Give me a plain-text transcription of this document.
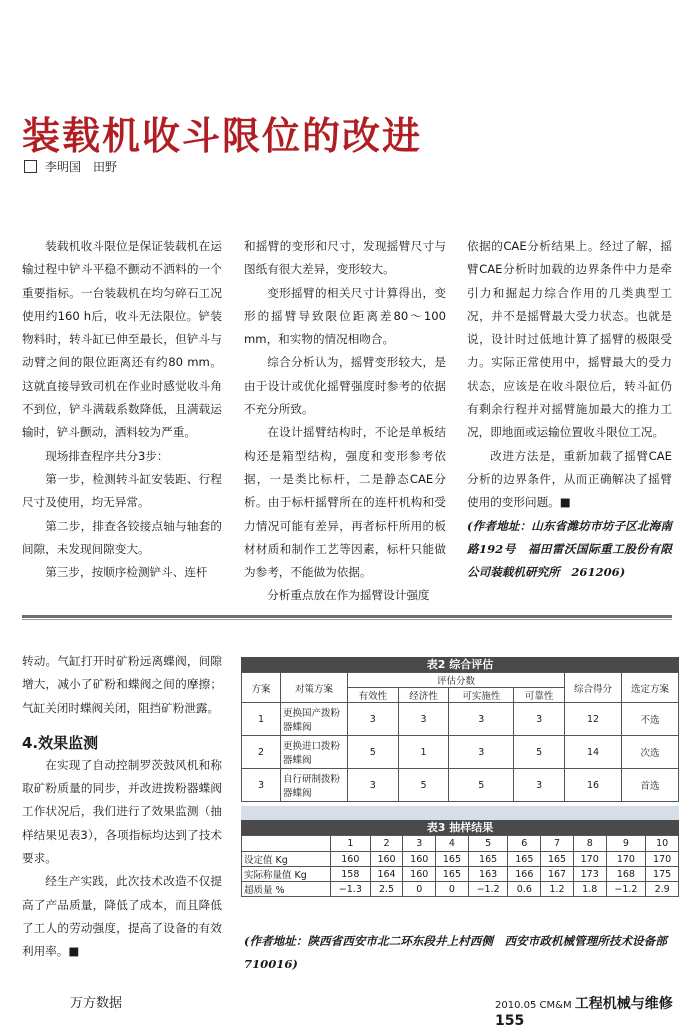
装载机收斗限位的改进
李明国　田野

装载机收斗限位是保证装载机在运输过程中铲斗平稳不颤动不洒料的一个重要指标。一台装载机在均匀碎石工况使用约160 h后，收斗无法限位。铲装物料时，转斗缸已伸至最长，但铲斗与动臂之间的限位距离还有约80 mm。这就直接导致司机在作业时感觉收斗角不到位，铲斗满载系数降低，且满载运输时，铲斗颤动，洒料较为严重。

现场排查程序共分3步：

第一步，检测转斗缸安装距、行程尺寸及使用，均无异常。

第二步，排查各铰接点轴与轴套的间隙，未发现间隙变大。

第三步，按顺序检测铲斗、连杆

和摇臂的变形和尺寸，发现摇臂尺寸与图纸有很大差异，变形较大。

变形摇臂的相关尺寸计算得出，变形的摇臂导致限位距离差80～100 mm，和实物的情况相吻合。

综合分析认为，摇臂变形较大，是由于设计或优化摇臂强度时参考的依据不充分所致。

在设计摇臂结构时，不论是单板结构还是箱型结构，强度和变形参考依据，一是类比标杆，二是静态CAE分析。由于标杆摇臂所在的连杆机构和受力情况可能有差异，再者标杆所用的板材材质和制作工艺等因素，标杆只能做为参考，不能做为依据。

分析重点放在作为摇臂设计强度

依据的CAE分析结果上。经过了解，摇臂CAE分析时加载的边界条件中力是牵引力和掘起力综合作用的几类典型工况，并不是摇臂最大受力状态。也就是说，设计时过低地计算了摇臂的极限受力。实际正常使用中，摇臂最大的受力状态，应该是在收斗限位后，转斗缸仍有剩余行程并对摇臂施加最大的推力工况，即地面或运输位置收斗限位工况。

改进方法是，重新加载了摇臂CAE分析的边界条件，从而正确解决了摇臂使用的变形问题。■

(作者地址：山东省潍坊市坊子区北海南路192号　福田雷沃国际重工股份有限公司装载机研究所　261206)

转动。气缸打开时矿粉远离蝶阀，间隙增大，减小了矿粉和蝶阀之间的摩擦；气缸关闭时蝶阀关闭，阻挡矿粉泄露。

4.效果监测

在实现了自动控制罗茨鼓风机和称取矿粉质量的同步，并改进拨粉器蝶阀工作状况后，我们进行了效果监测（抽样结果见表3），各项指标均达到了技术要求。

经生产实践，此次技术改造不仅提高了产品质量，降低了成本，而且降低了工人的劳动强度，提高了设备的有效利用率。■

表2 综合评估
方案	对策方案	评估分数				综合得分	选定方案
		有效性	经济性	可实施性	可靠性		
1	更换国产拨粉器蝶阀	3	3	3	3	12	不选
2	更换进口拨粉器蝶阀	5	1	3	5	14	次选
3	自行研制拨粉器蝶阀	3	5	5	3	16	首选
表3 抽样结果
	1	2	3	4	5	6	7	8	9	10
设定值 Kg	160	160	160	165	165	165	165	170	170	170
实际称量值 Kg	158	164	160	165	163	166	167	173	168	175
超质量 %	−1.3	2.5	0	0	−1.2	0.6	1.2	1.8	−1.2	2.9
(作者地址：陕西省西安市北二环东段井上村西侧　西安市政机械管理所技术设备部　710016)
万方数据	2010.05 CM&M 工程机械与维修 155
